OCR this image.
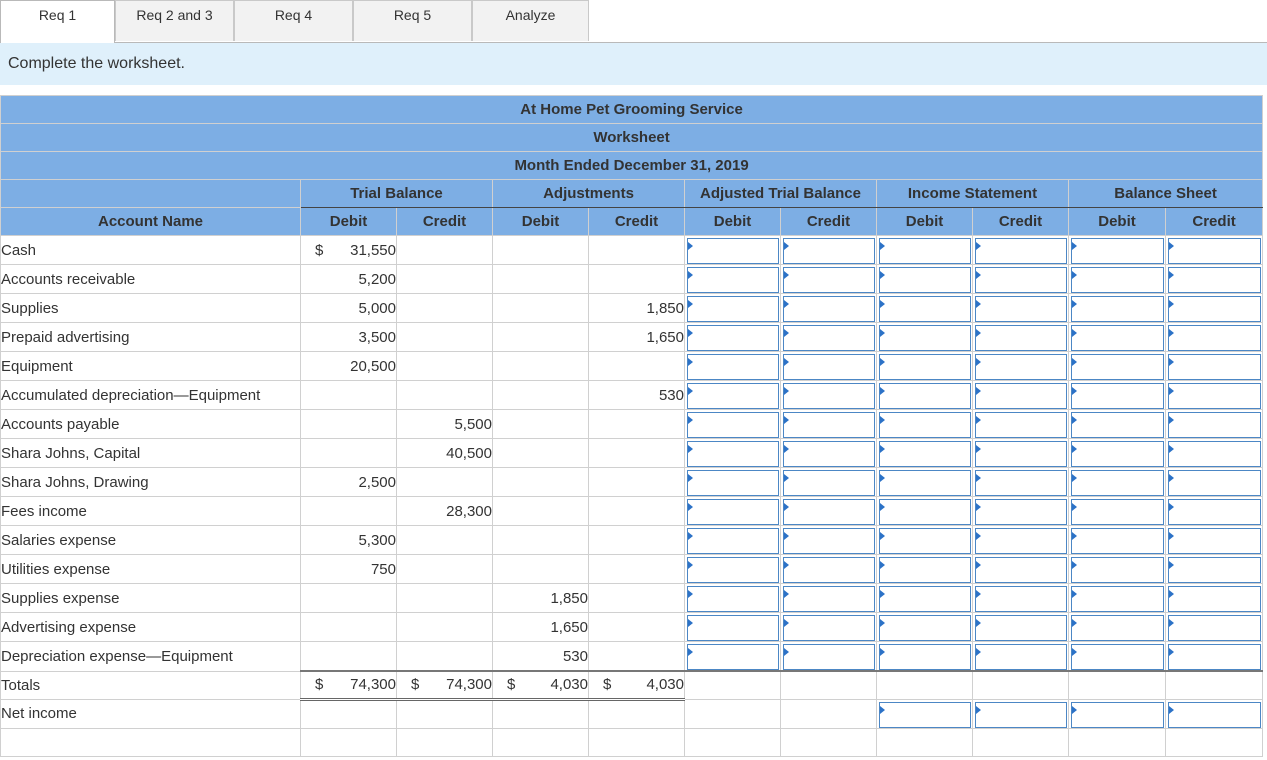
Req 1	Req 2 and 3	Req 4	Req 5	Analyze
Complete the worksheet.
At Home Pet Grooming Service										
Worksheet										
Month Ended December 31, 2019										
	Trial Balance		Adjustments		Adjusted Trial Balance		Income Statement		Balance Sheet	
Account Name	Debit	Credit	Debit	Credit	Debit	Credit	Debit	Credit	Debit	Credit
Cash	$ 31,550				

Accounts receivable	5,200				

Supplies	5,000			1,850	

Prepaid advertising	3,500			1,650	

Equipment	20,500				

Accumulated depreciation—Equipment				530	

Accounts payable		5,500			

Shara Johns, Capital		40,500			

Shara Johns, Drawing	2,500				

Fees income		28,300			

Salaries expense	5,300				

Utilities expense	750				

Supplies expense			1,850		

Advertising expense			1,650		

Depreciation expense—Equipment			530		

Totals	$ 74,300	$ 74,300	$ 4,030	$ 4,030						
Net income							
